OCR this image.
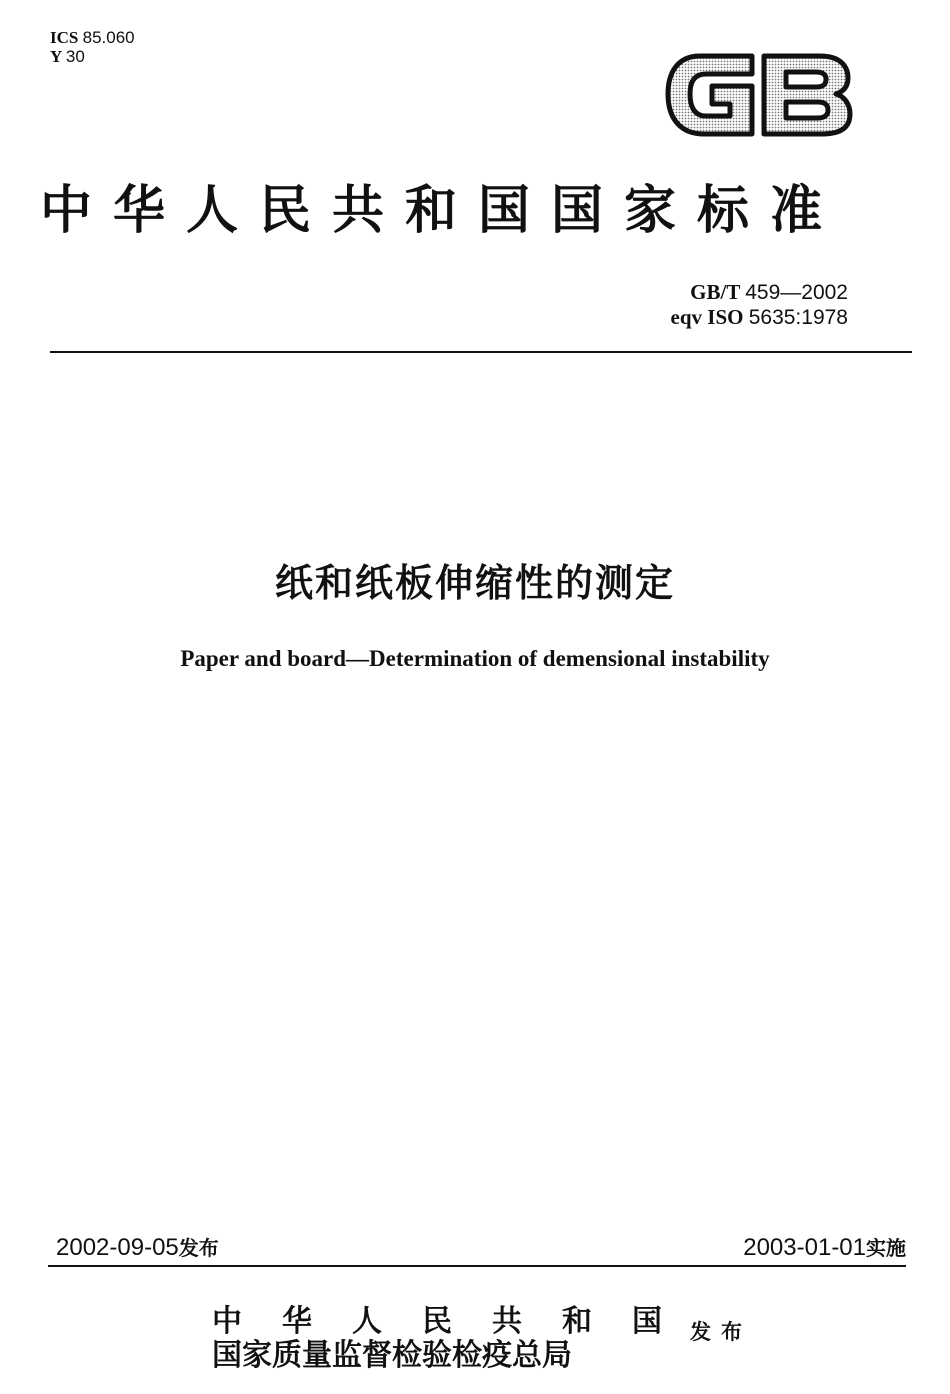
ICS 85.060
Y 30
中华人民共和国国家标准
GB/T 459—2002
eqv ISO 5635:1978
纸和纸板伸缩性的测定
Paper and board—Determination of demensional instability
2002-09-05发布	2003-01-01实施
中 华 人 民 共 和 国
国家质量监督检验检疫总局
发布
